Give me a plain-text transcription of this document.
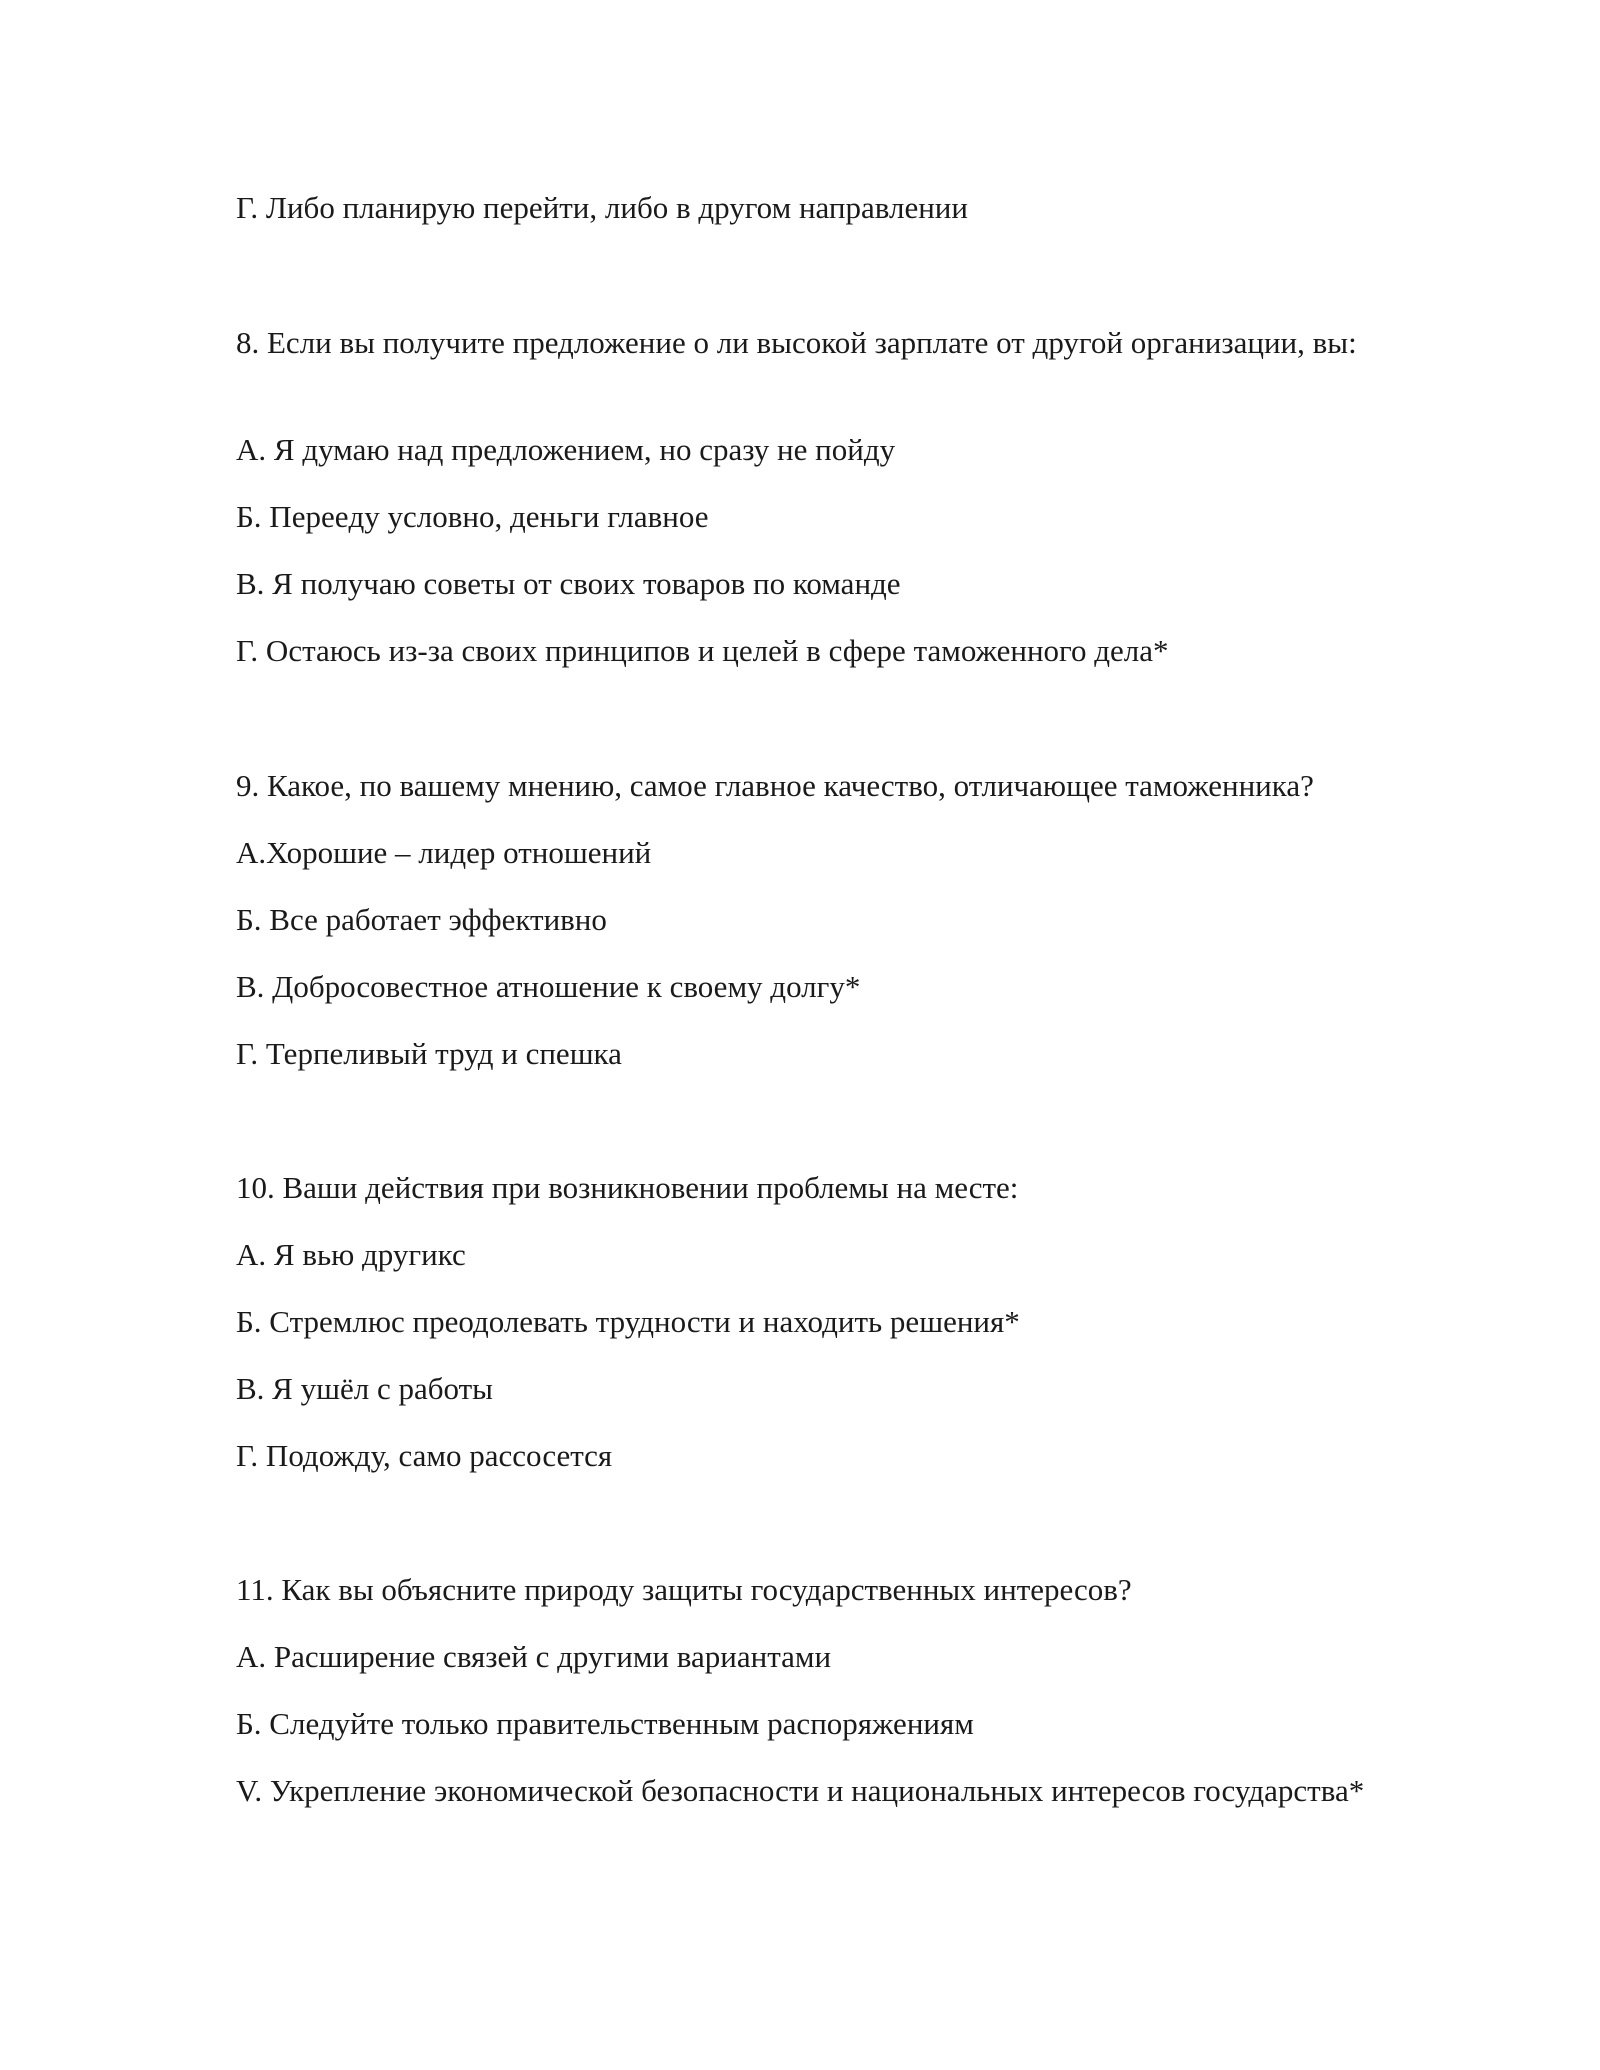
Г. Либо планирую перейти, либо в другом направлении

8. Если вы получите предложение о ли высокой зарплате от другой организации, вы:

А. Я думаю над предложением, но сразу не пойду

Б. Переeду условно, деньги главное

В. Я получаю советы от своих товаров по команде

Г. Остаюсь из-за своих принципов и целей в сфере таможенного дела*

9. Какое, по вашему мнению, самое главное качество, отличающее таможенника?

А.Хорошие – лидер отношений

Б. Все работает эффективно

В. Добросовестное атношение к своему долгу*

Г. Терпеливый труд и спешка

10. Ваши действия при возникновении проблемы на месте:

А. Я вью другикс

Б. Стремлюс преодолевать трудности и находить решения*

В. Я ушёл с работы

Г. Подожду, само рассосется

11. Как вы объясните природу защиты государственных интересов?

А. Расширение связей с другими вариантами

Б. Следуйте только правительственным распоряжениям

V. Укрепление экономической безопасности и национальных интересов государства*
